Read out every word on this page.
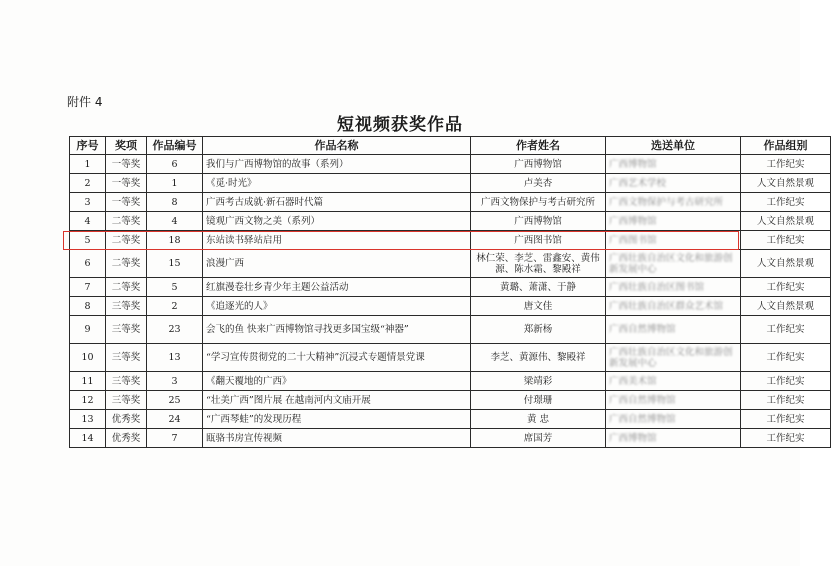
附件 4
短视频获奖作品
序号	奖项	作品编号	作品名称	作者姓名	选送单位	作品组别
1	一等奖	6	我们与广西博物馆的故事（系列）	广西博物馆	广西博物馆	工作纪实
2	一等奖	1	《觅·时光》	卢美杏	广西艺术学校	人文自然景观
3	一等奖	8	广西考古成就·新石器时代篇	广西文物保护与考古研究所	广西文物保护与考古研究所	工作纪实
4	二等奖	4	镜观广西文物之美（系列）	广西博物馆	广西博物馆	人文自然景观
5	二等奖	18	东站读书驿站启用	广西图书馆	广西图书馆	工作纪实
6	二等奖	15	浪漫广西	林仁荣、李芝、雷鑫安、黄伟源、陈水霜、黎殿祥	广西壮族自治区文化和旅游创新发展中心	人文自然景观
7	二等奖	5	红旗漫卷壮乡青少年主题公益活动	黄璐、萧潇、于静	广西壮族自治区图书馆	工作纪实
8	三等奖	2	《追逐光的人》	唐文佳	广西壮族自治区群众艺术馆	人文自然景观
9	三等奖	23	会飞的鱼 快来广西博物馆寻找更多国宝级“神器”	郑新杨	广西自然博物馆	工作纪实
10	三等奖	13	“学习宣传贯彻党的二十大精神”沉浸式专题情景党课	李芝、黄源伟、黎殿祥	广西壮族自治区文化和旅游创新发展中心	工作纪实
11	三等奖	3	《翻天覆地的广西》	梁靖彩	广西美术馆	工作纪实
12	三等奖	25	“壮美广西”图片展 在越南河内文庙开展	付璟珊	广西自然博物馆	工作纪实
13	优秀奖	24	“广西琴蛙”的发现历程	黄 忠	广西自然博物馆	工作纪实
14	优秀奖	7	瓯骆书房宣传视频	席国芳	广西博物馆	工作纪实
